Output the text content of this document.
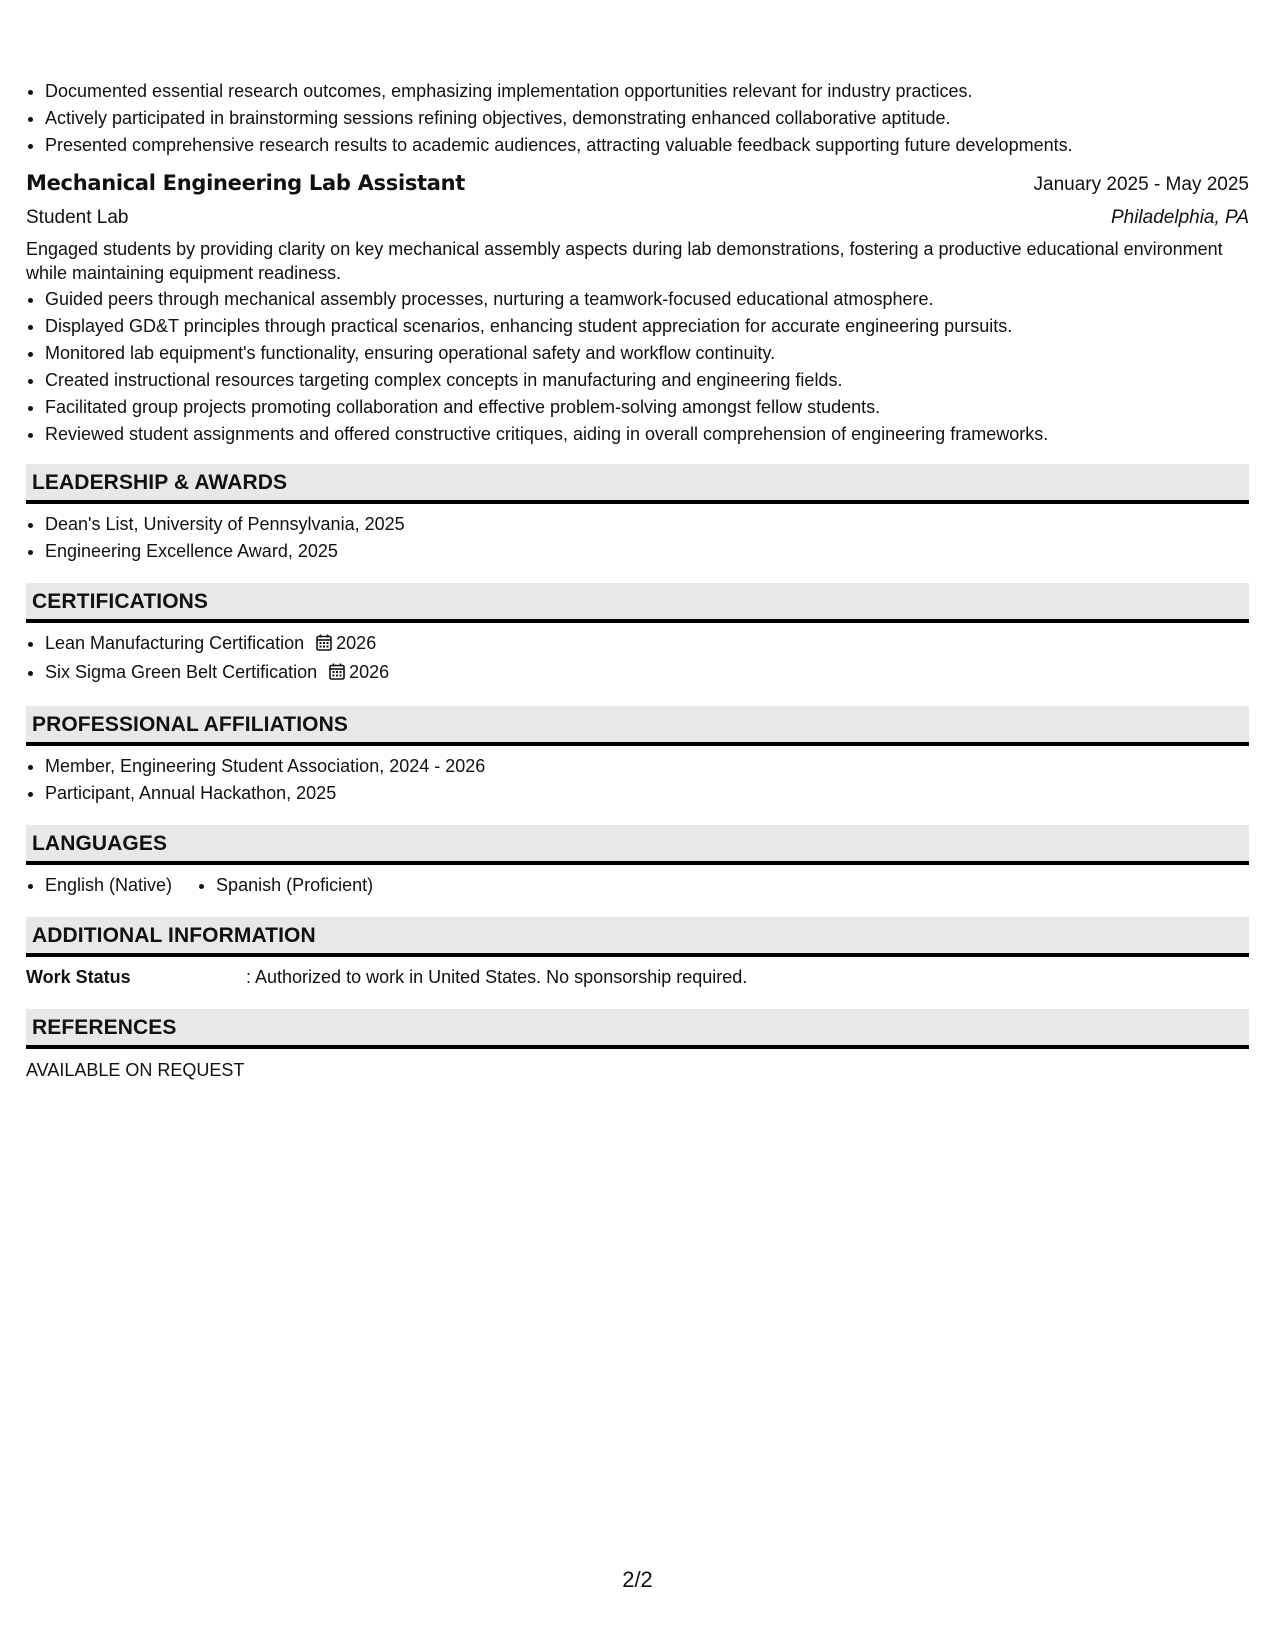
• Documented essential research outcomes, emphasizing implementation opportunities relevant for industry practices.
• Actively participated in brainstorming sessions refining objectives, demonstrating enhanced collaborative aptitude.
• Presented comprehensive research results to academic audiences, attracting valuable feedback supporting future developments.
Mechanical Engineering Lab Assistant	January 2025 - May 2025
Student Lab	Philadelphia, PA
Engaged students by providing clarity on key mechanical assembly aspects during lab demonstrations, fostering a productive educational environment while maintaining equipment readiness.
• Guided peers through mechanical assembly processes, nurturing a teamwork-focused educational atmosphere.
• Displayed GD&T principles through practical scenarios, enhancing student appreciation for accurate engineering pursuits.
• Monitored lab equipment's functionality, ensuring operational safety and workflow continuity.
• Created instructional resources targeting complex concepts in manufacturing and engineering fields.
• Facilitated group projects promoting collaboration and effective problem-solving amongst fellow students.
• Reviewed student assignments and offered constructive critiques, aiding in overall comprehension of engineering frameworks.
LEADERSHIP & AWARDS
• Dean's List, University of Pennsylvania, 2025
• Engineering Excellence Award, 2025
CERTIFICATIONS
• Lean Manufacturing Certification 2026
• Six Sigma Green Belt Certification 2026
PROFESSIONAL AFFILIATIONS
• Member, Engineering Student Association, 2024 - 2026
• Participant, Annual Hackathon, 2025
LANGUAGES
• English (Native)
• Spanish (Proficient)
ADDITIONAL INFORMATION
Work Status	: Authorized to work in United States. No sponsorship required.
REFERENCES
AVAILABLE ON REQUEST
2/2
